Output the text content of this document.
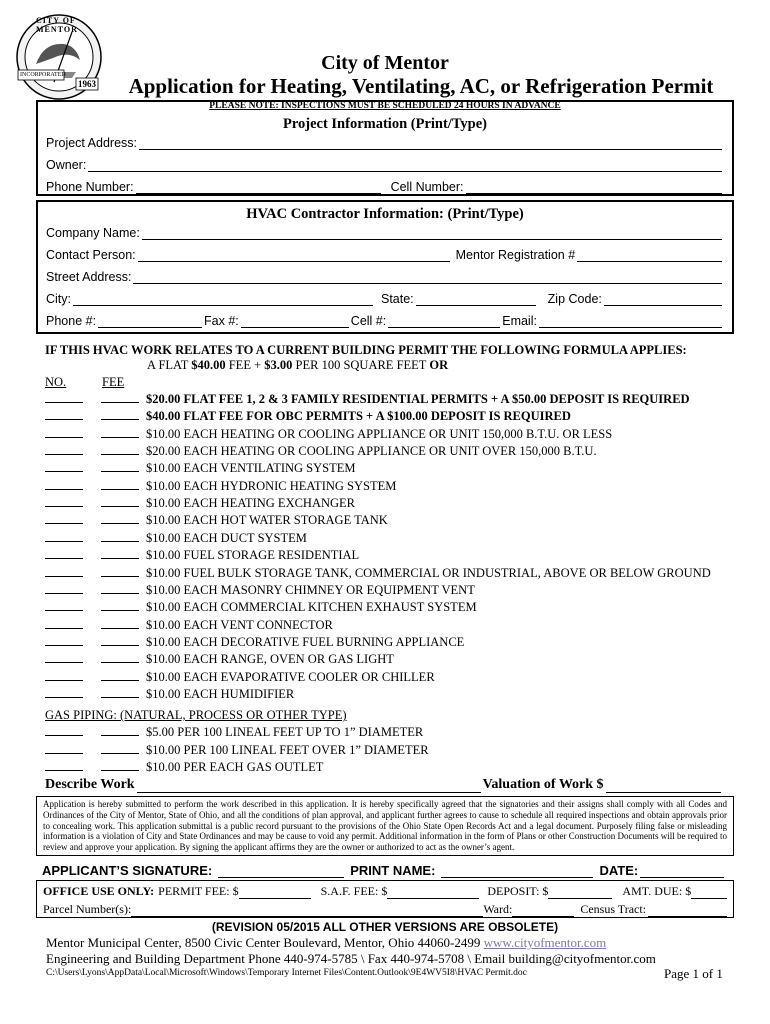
CITY OF MENTOR
INCORPORATED
1963
City of Mentor
Application for Heating, Ventilating, AC, or Refrigeration Permit
PLEASE NOTE: INSPECTIONS MUST BE SCHEDULED 24 HOURS IN ADVANCE
Project Information (Print/Type)
Project Address:
Owner:
Phone Number:	Cell Number:
HVAC Contractor Information: (Print/Type)
Company Name:
Contact Person:	Mentor Registration #
Street Address:
City:	State:	Zip Code:
Phone #:	Fax #:	Cell #:	Email:
IF THIS HVAC WORK RELATES TO A CURRENT BUILDING PERMIT THE FOLLOWING FORMULA APPLIES:
A FLAT $40.00 FEE + $3.00 PER 100 SQUARE FEET OR
NO.	FEE
$20.00 FLAT FEE 1, 2 & 3 FAMILY RESIDENTIAL PERMITS + A $50.00 DEPOSIT IS REQUIRED
$40.00 FLAT FEE FOR OBC PERMITS + A $100.00 DEPOSIT IS REQUIRED
$10.00 EACH HEATING OR COOLING APPLIANCE OR UNIT 150,000 B.T.U. OR LESS
$20.00 EACH HEATING OR COOLING APPLIANCE OR UNIT OVER 150,000 B.T.U.
$10.00 EACH VENTILATING SYSTEM
$10.00 EACH HYDRONIC HEATING SYSTEM
$10.00 EACH HEATING EXCHANGER
$10.00 EACH HOT WATER STORAGE TANK
$10.00 EACH DUCT SYSTEM
$10.00 FUEL STORAGE RESIDENTIAL
$10.00 FUEL BULK STORAGE TANK, COMMERCIAL OR INDUSTRIAL, ABOVE OR BELOW GROUND
$10.00 EACH MASONRY CHIMNEY OR EQUIPMENT VENT
$10.00 EACH COMMERCIAL KITCHEN EXHAUST SYSTEM
$10.00 EACH VENT CONNECTOR
$10.00 EACH DECORATIVE FUEL BURNING APPLIANCE
$10.00 EACH RANGE, OVEN OR GAS LIGHT
$10.00 EACH EVAPORATIVE COOLER OR CHILLER
$10.00 EACH HUMIDIFIER
GAS PIPING: (NATURAL, PROCESS OR OTHER TYPE)
$5.00 PER 100 LINEAL FEET UP TO 1” DIAMETER
$10.00 PER 100 LINEAL FEET OVER 1” DIAMETER
$10.00 PER EACH GAS OUTLET
Describe Work	Valuation of Work $
Application is hereby submitted to perform the work described in this application. It is hereby specifically agreed that the signatories and their assigns shall comply with all Codes and Ordinances of the City of Mentor, State of Ohio, and all the conditions of plan approval, and applicant further agrees to cause to schedule all required inspections and obtain approvals prior to concealing work. This application submittal is a public record pursuant to the provisions of the Ohio State Open Records Act and a legal document. Purposely filing false or misleading information is a violation of City and State Ordinances and may be cause to void any permit. Additional information in the form of Plans or other Construction Documents will be required to review and approve your application. By signing the applicant affirms they are the owner or authorized to act as the owner’s agent.
APPLICANT’S SIGNATURE:	PRINT NAME:	DATE:
OFFICE USE ONLY: PERMIT FEE: $	S.A.F. FEE: $	DEPOSIT: $	AMT. DUE: $
Parcel Number(s):	Ward:	Census Tract:
(REVISION 05/2015 ALL OTHER VERSIONS ARE OBSOLETE)
Mentor Municipal Center, 8500 Civic Center Boulevard, Mentor, Ohio 44060-2499 www.cityofmentor.com
Engineering and Building Department Phone 440-974-5785 \ Fax 440-974-5708 \ Email building@cityofmentor.com
C:\Users\Lyons\AppData\Local\Microsoft\Windows\Temporary Internet Files\Content.Outlook\9E4WV5I8\HVAC Permit.doc	Page 1 of 1
